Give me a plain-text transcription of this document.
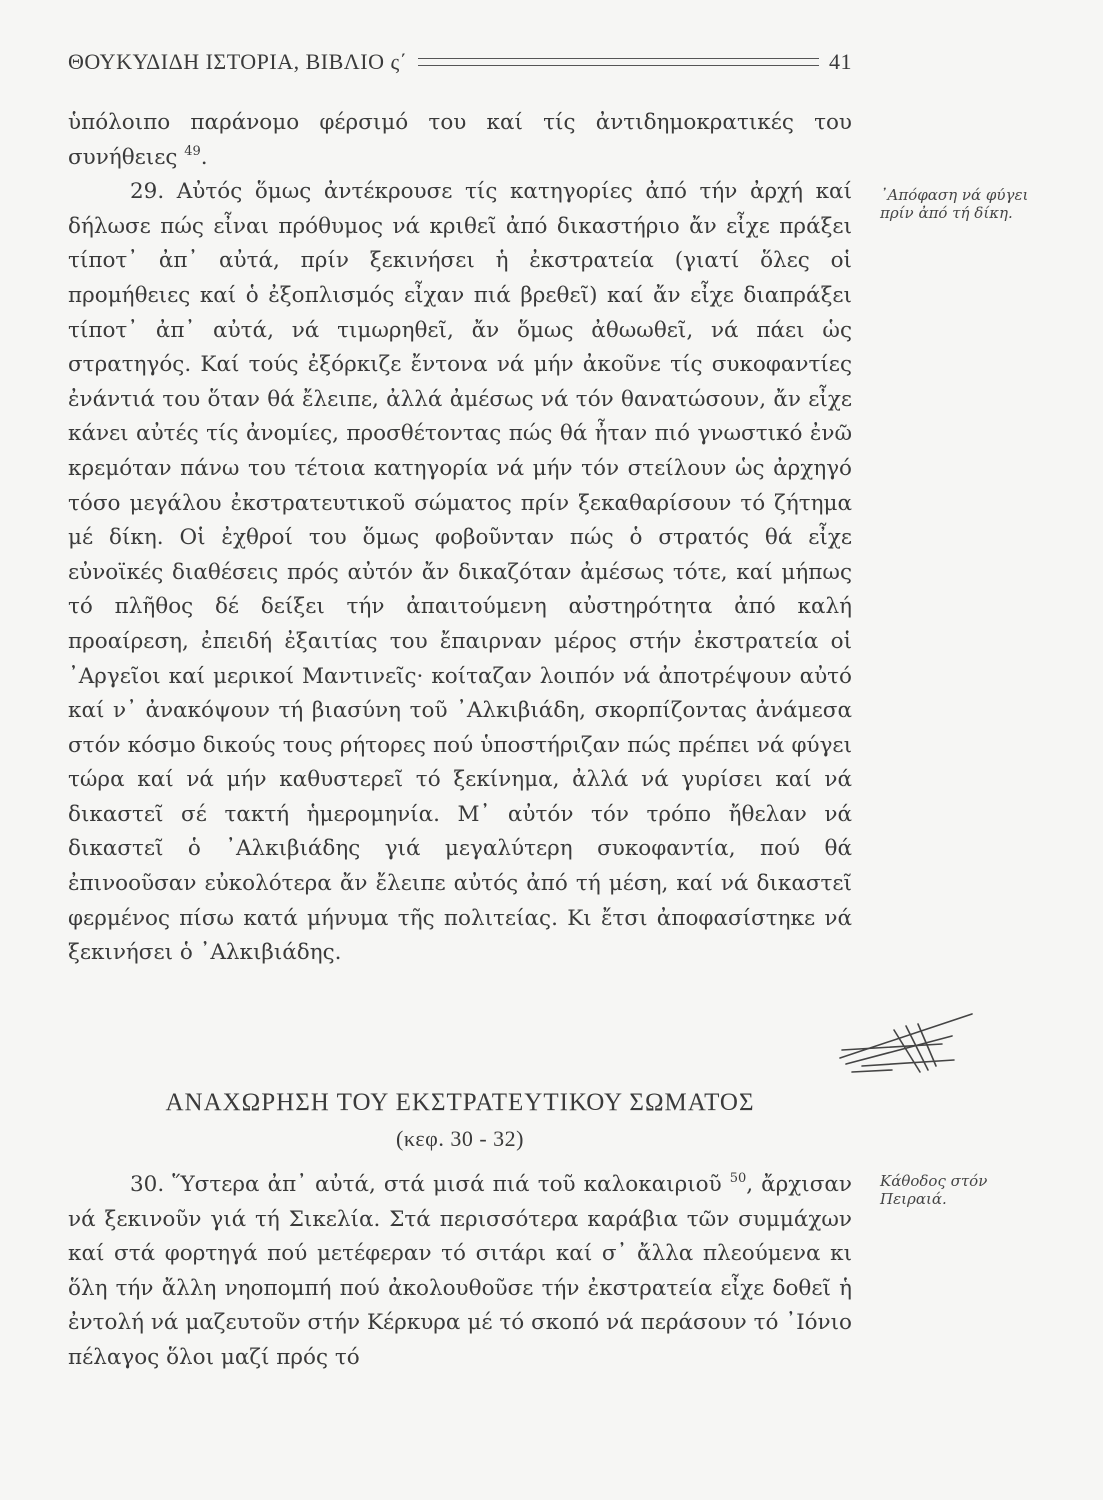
ΘΟΥΚΥΔΙΔΗ ΙΣΤΟΡΙΑ, ΒΙΒΛΙΟ ς΄	41

ὑπόλοιπο παράνομο φέρσιμό του καί τίς ἀντιδημοκρατικές του συνήθειες $^{49}$.

29. Αὐτός ὅμως ἀντέκρουσε τίς κατηγορίες ἀπό τήν ἀρχή καί δήλωσε πώς εἶναι πρόθυμος νά κριθεῖ ἀπό δικαστήριο ἄν εἶχε πράξει τίποτ᾽ ἀπ᾽ αὐτά, πρίν ξεκινήσει ἡ ἐκστρατεία (γιατί ὅλες οἱ προμήθειες καί ὁ ἐξοπλισμός εἶχαν πιά βρεθεῖ) καί ἄν εἶχε διαπράξει τίποτ᾽ ἀπ᾽ αὐτά, νά τιμωρηθεῖ, ἄν ὅμως ἀθωωθεῖ, νά πάει ὡς στρατηγός. Καί τούς ἐξόρκιζε ἔντονα νά μήν ἀκοῦνε τίς συκοφαντίες ἐνάντιά του ὅταν θά ἔλειπε, ἀλλά ἀμέσως νά τόν θανατώσουν, ἄν εἶχε κάνει αὐτές τίς ἀνομίες, προσθέτοντας πώς θά ἦταν πιό γνωστικό ἐνῶ κρεμόταν πάνω του τέτοια κατηγορία νά μήν τόν στείλουν ὡς ἀρχηγό τόσο μεγάλου ἐκστρατευτικοῦ σώματος πρίν ξεκαθαρίσουν τό ζήτημα μέ δίκη. Οἱ ἐχθροί του ὅμως φοβοῦνταν πώς ὁ στρατός θά εἶχε εὐνοϊκές διαθέσεις πρός αὐτόν ἄν δικαζόταν ἀμέσως τότε, καί μήπως τό πλῆθος δέ δείξει τήν ἀπαιτούμενη αὐστηρότητα ἀπό καλή προαίρεση, ἐπειδή ἐξαιτίας του ἔπαιρναν μέρος στήν ἐκστρατεία οἱ ᾽Αργεῖοι καί μερικοί Μαντινεῖς· κοίταζαν λοιπόν νά ἀποτρέψουν αὐτό καί ν᾽ ἀνακόψουν τή βιασύνη τοῦ ᾽Αλκιβιάδη, σκορπίζοντας ἀνάμεσα στόν κόσμο δικούς τους ρήτορες πού ὑποστήριζαν πώς πρέπει νά φύγει τώρα καί νά μήν καθυστερεῖ τό ξεκίνημα, ἀλλά νά γυρίσει καί νά δικαστεῖ σέ τακτή ἡμερομηνία. Μ᾽ αὐτόν τόν τρόπο ἤθελαν νά δικαστεῖ ὁ ᾽Αλκιβιάδης γιά μεγαλύτερη συκοφαντία, πού θά ἐπινοοῦσαν εὐκολότερα ἄν ἔλειπε αὐτός ἀπό τή μέση, καί νά δικαστεῖ φερμένος πίσω κατά μήνυμα τῆς πολιτείας. Κι ἔτσι ἀποφασίστηκε νά ξεκινήσει ὁ ᾽Αλκιβιάδης.

᾽Απόφαση νά φύγει πρίν ἀπό τή δίκη.
ΑΝΑΧΩΡΗΣΗ ΤΟΥ ΕΚΣΤΡΑΤΕΥΤΙΚΟΥ ΣΩΜΑΤΟΣ
(κεφ. 30 - 32)

30. Ὕστερα ἀπ᾽ αὐτά, στά μισά πιά τοῦ καλοκαιριοῦ $^{50}$, ἄρχισαν νά ξεκινοῦν γιά τή Σικελία. Στά περισσότερα καράβια τῶν συμμάχων καί στά φορτηγά πού μετέφεραν τό σιτάρι καί σ᾽ ἄλλα πλεούμενα κι ὅλη τήν ἄλλη νηοπομπή πού ἀκολουθοῦσε τήν ἐκστρατεία εἶχε δοθεῖ ἡ ἐντολή νά μαζευτοῦν στήν Κέρκυρα μέ τό σκοπό νά περάσουν τό ᾽Ιόνιο πέλαγος ὅλοι μαζί πρός τό

Κάθοδος στόν Πειραιά.
